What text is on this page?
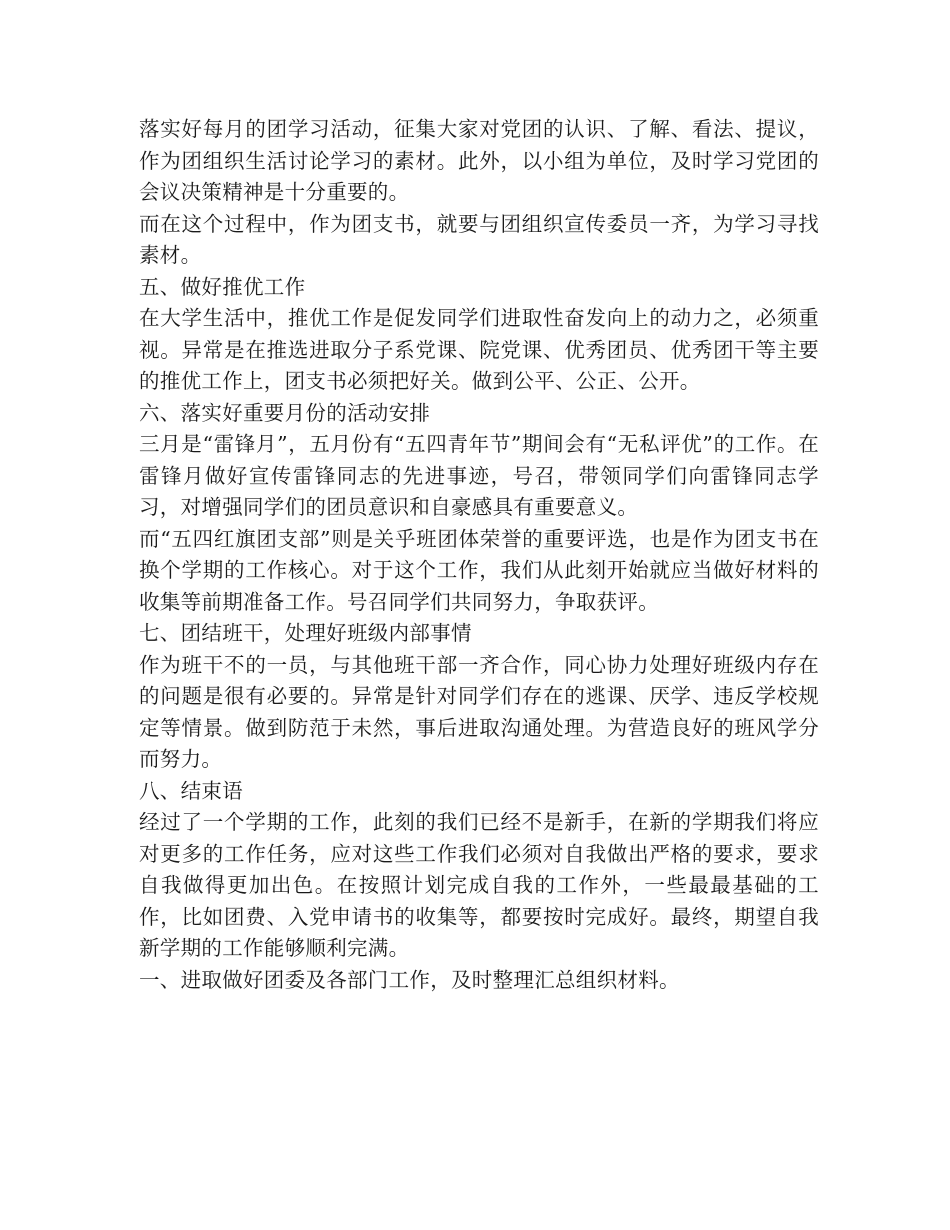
落实好每月的团学习活动，征集大家对党团的认识、了解、看法、提议，作为团组织生活讨论学习的素材。此外，以小组为单位，及时学习党团的会议决策精神是十分重要的。

而在这个过程中，作为团支书，就要与团组织宣传委员一齐，为学习寻找素材。

五、做好推优工作

在大学生活中，推优工作是促发同学们进取性奋发向上的动力之，必须重视。异常是在推选进取分子系党课、院党课、优秀团员、优秀团干等主要的推优工作上，团支书必须把好关。做到公平、公正、公开。

六、落实好重要月份的活动安排

三月是“雷锋月”，五月份有“五四青年节”期间会有“无私评优”的工作。在雷锋月做好宣传雷锋同志的先进事迹，号召，带领同学们向雷锋同志学习，对增强同学们的团员意识和自豪感具有重要意义。

而“五四红旗团支部”则是关乎班团体荣誉的重要评选，也是作为团支书在换个学期的工作核心。对于这个工作，我们从此刻开始就应当做好材料的收集等前期准备工作。号召同学们共同努力，争取获评。

七、团结班干，处理好班级内部事情

作为班干不的一员，与其他班干部一齐合作，同心协力处理好班级内存在的问题是很有必要的。异常是针对同学们存在的逃课、厌学、违反学校规定等情景。做到防范于未然，事后进取沟通处理。为营造良好的班风学分而努力。

八、结束语

经过了一个学期的工作，此刻的我们已经不是新手，在新的学期我们将应对更多的工作任务，应对这些工作我们必须对自我做出严格的要求，要求自我做得更加出色。在按照计划完成自我的工作外，一些最最基础的工作，比如团费、入党申请书的收集等，都要按时完成好。最终，期望自我新学期的工作能够顺利完满。

一、进取做好团委及各部门工作，及时整理汇总组织材料。
